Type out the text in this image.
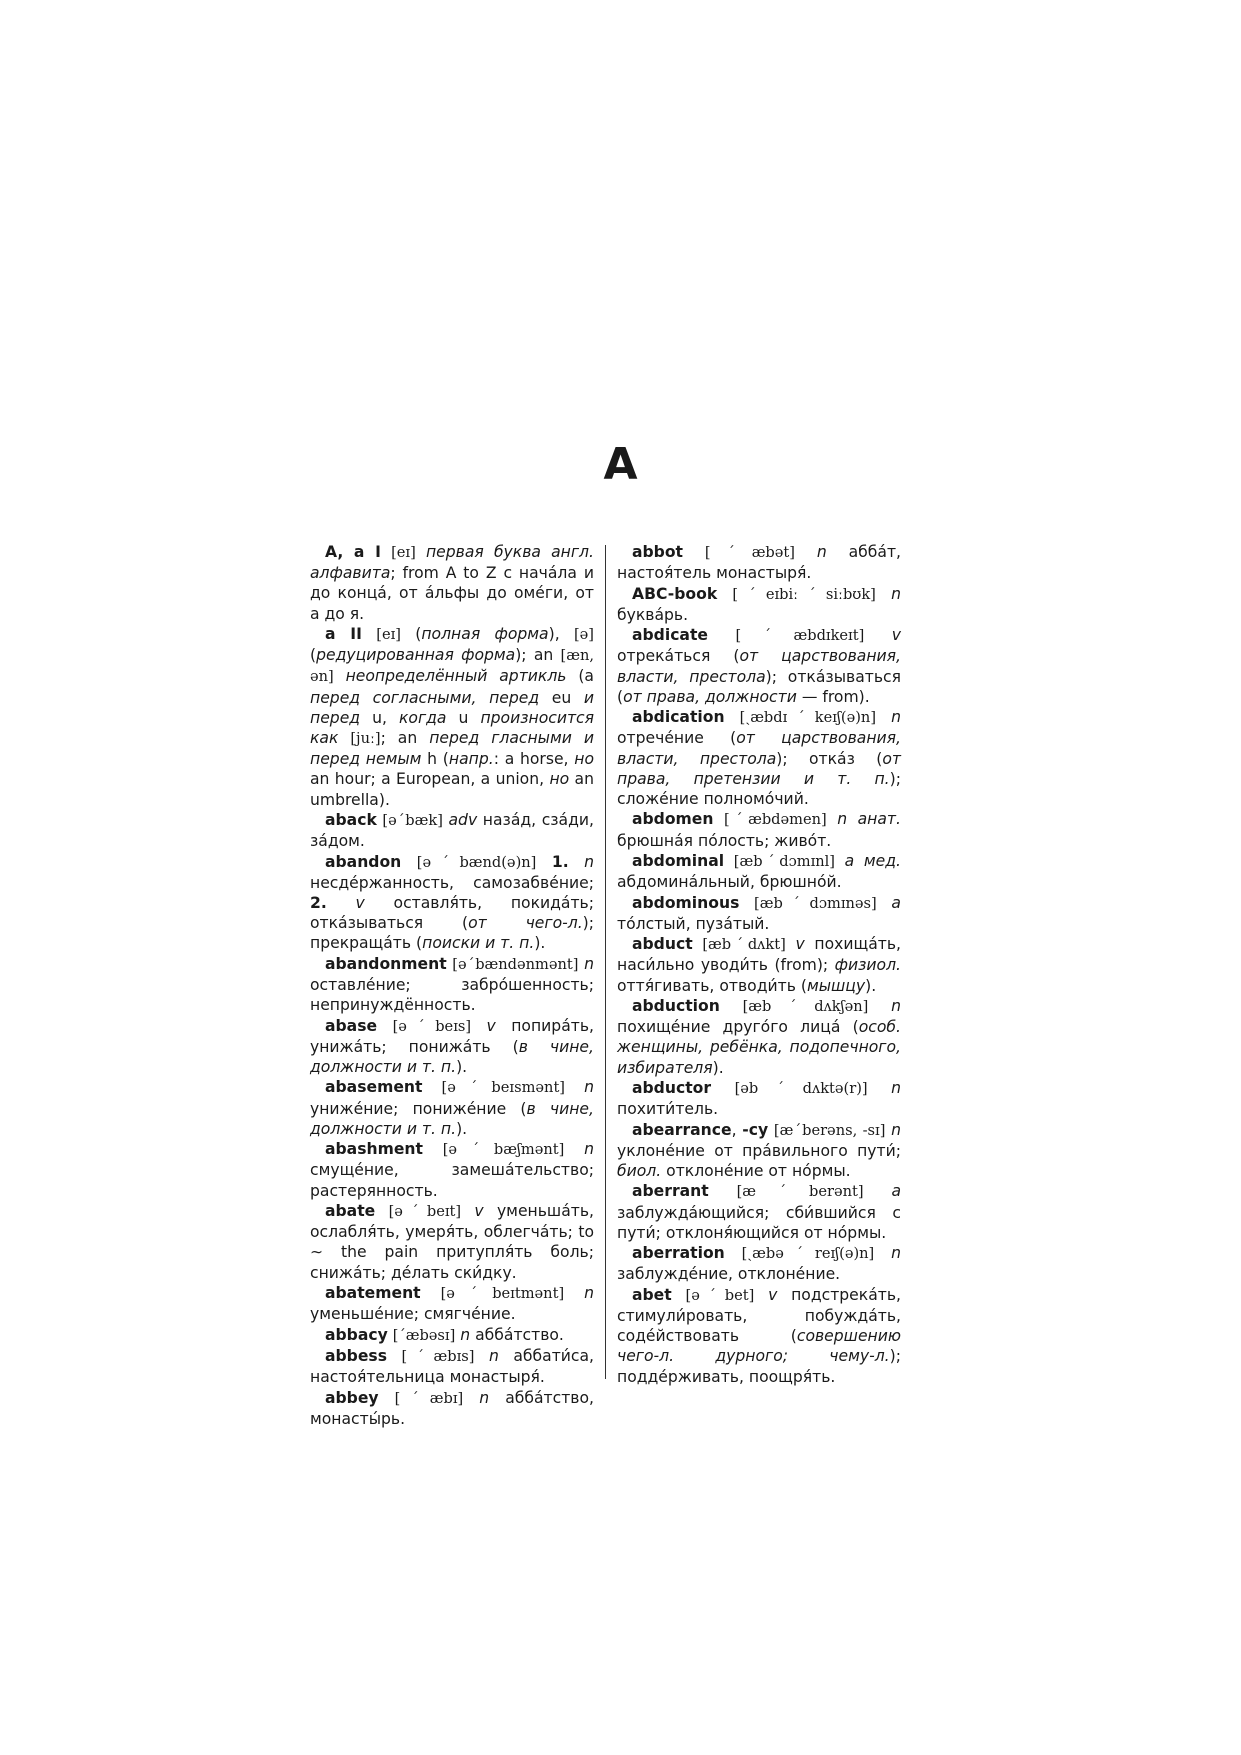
A

A, a I [eɪ] первая буква англ. алфавита; from A to Z с нача́ла и до конца́, от а́льфы до оме́ги, от а до я.

a II [eɪ] (полная форма), [ə] (редуцированная форма); an [æn, ən] неопределённый артикль (a перед согласными, перед eu и перед u, когда u произносится как [juː]; an перед гласными и перед немым h (напр.: a horse, но an hour; a European, a union, но an umbrella).

aback [əˊbæk] adv наза́д, сза́ди, за́дом.

abandon [əˊbænd(ə)n] 1. n несде́ржанность, самозабве́ние; 2. v оставля́ть, покида́ть; отка́зываться (от чего-л.); прекраща́ть (поиски и т. п.).

abandonment [əˊbændənmənt] n оставле́ние; забро́шенность; непринуждённость.

abase [əˊbeɪs] v попира́ть, унижа́ть; понижа́ть (в чине, должности и т. п.).

abasement [əˊbeɪsmənt] n униже́ние; пониже́ние (в чине, должности и т. п.).

abashment [əˊbæʃmənt] n смуще́ние, замеша́тельство; растерянность.

abate [əˊbeɪt] v уменьша́ть, ослабля́ть, умеря́ть, облегча́ть; to ∼ the pain притупля́ть боль; снижа́ть; де́лать ски́дку.

abatement [əˊbeɪtmənt] n уменьше́ние; смягче́ние.

abbacy [ˊæbəsɪ] n абба́тство.

abbess [ˊæbɪs] n аббати́са, настоя́тельница монастыря́.

abbey [ˊæbɪ] n абба́тство, монасты́рь.

abbot [ˊæbət] n абба́т, настоя́тель монастыря́.

ABC-book [ˊeɪbiːˊsiːbʊk] n буква́рь.

abdicate [ˊæbdɪkeɪt] v отрека́ться (от царствования, власти, престола); отка́зываться (от права, должности — from).

abdication [ˏæbdɪˊkeɪʃ(ə)n] n отрече́ние (от царствования, власти, престола); отка́з (от права, претензии и т. п.); сложе́ние полномо́чий.

abdomen [ˊæbdəmen] n анат. брюшна́я по́лость; живо́т.

abdominal [æbˊdɔmɪnl] a мед. абдомина́льный, брюшно́й.

abdominous [æbˊdɔmɪnəs] a то́лстый, пуза́тый.

abduct [æbˊdʌkt] v похища́ть, наси́льно уводи́ть (from); физиол. оття́гивать, отводи́ть (мышцу).

abduction [æbˊdʌkʃən] n похище́ние друго́го лица́ (особ. женщины, ребёнка, подопечного, избирателя).

abductor [əbˊdʌktə(r)] n похити́тель.

abearrance, -cy [æˊberəns, -sɪ] n уклоне́ние от пра́вильного пути́; биол. отклоне́ние от но́рмы.

aberrant [æˊberənt] a заблужда́ющийся; сби́вшийся с пути́; отклоня́ющийся от но́рмы.

aberration [ˏæbəˊreɪʃ(ə)n] n заблужде́ние, отклоне́ние.

abet [əˊbet] v подстрека́ть, стимули́ровать, побужда́ть, соде́йствовать (совершению чего-л. дурного; чему-л.); подде́рживать, поощря́ть.
